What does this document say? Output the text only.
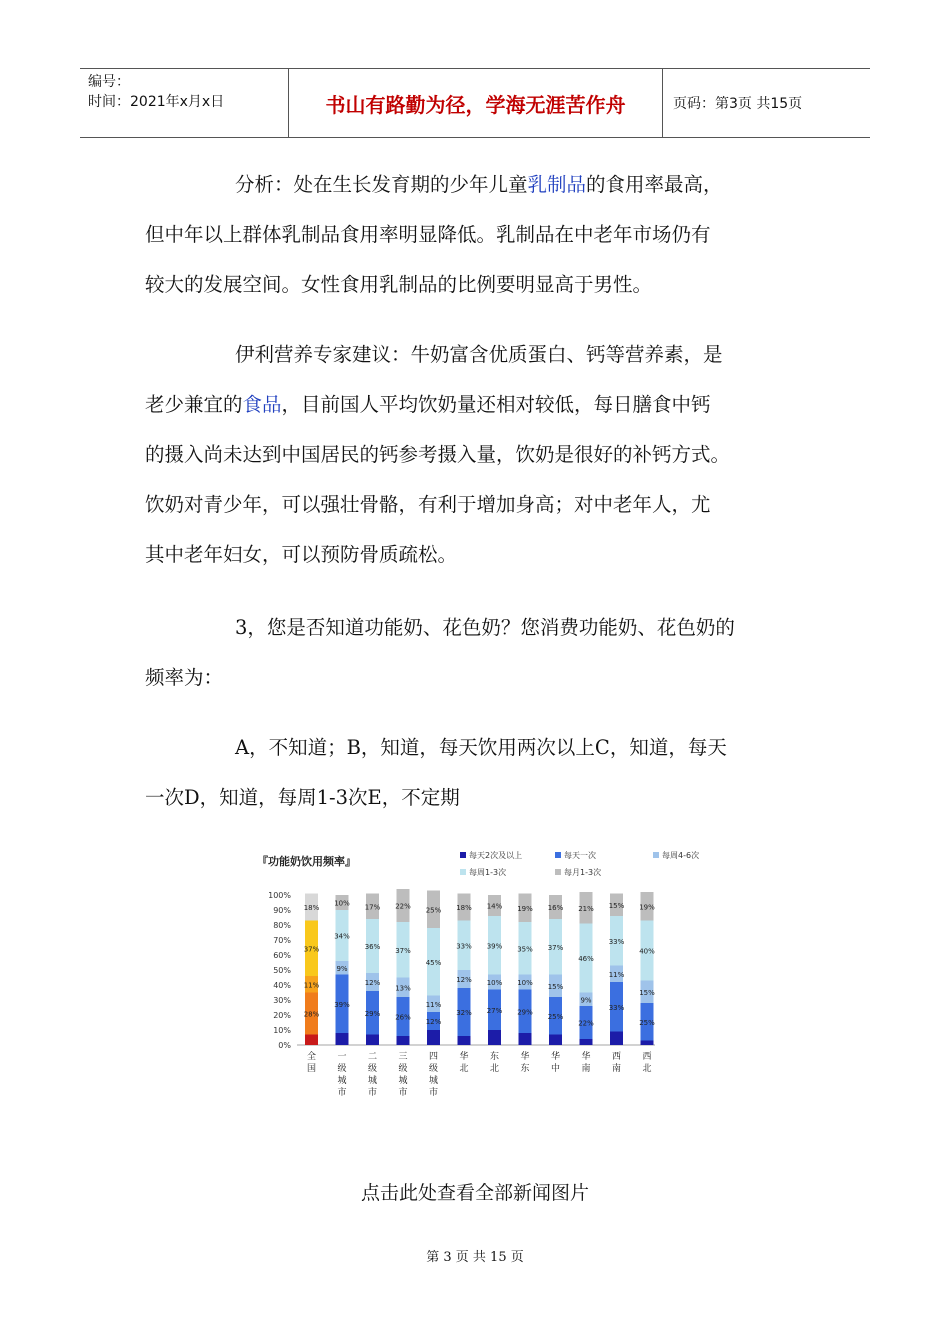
编号：
时间：2021年x月x日	书山有路勤为径，学海无涯苦作舟	页码：第3页 共15页
分析：处在生长发育期的少年儿童乳制品的食用率最高，
但中年以上群体乳制品食用率明显降低。乳制品在中老年市场仍有
较大的发展空间。女性食用乳制品的比例要明显高于男性。
伊利营养专家建议：牛奶富含优质蛋白、钙等营养素，是
老少兼宜的食品，目前国人平均饮奶量还相对较低，每日膳食中钙
的摄入尚未达到中国居民的钙参考摄入量，饮奶是很好的补钙方式。
饮奶对青少年，可以强壮骨骼，有利于增加身高；对中老年人，尤
其中老年妇女，可以预防骨质疏松。
3，您是否知道功能奶、花色奶？您消费功能奶、花色奶的
频率为：
A，不知道；B，知道，每天饮用两次以上C，知道，每天
一次D，知道，每周1-3次E，不定期
『功能奶饮用频率』	每天2次及以上	每天一次	每周4-6次
每周1-3次	每月1-3次
100%
90%
80%
70%
60%
50%
40%
30%
20%
10%
0%
28%
11%
37%
18%
全
国
39%
9%
34%
10%
一
级
城
市
29%
12%
36%
17%
二
级
城
市
26%
13%
37%
22%
三
级
城
市
12%
11%
45%
25%
四
级
城
市
32%
12%
33%
18%
华
北
27%
10%
39%
14%
东
北
29%
10%
35%
19%
华
东
25%
15%
37%
16%
华
中
22%
9%
46%
21%
华
南
33%
11%
33%
15%
西
南
25%
15%
40%
19%
西
北
点击此处查看全部新闻图片
第 3 页 共 15 页
